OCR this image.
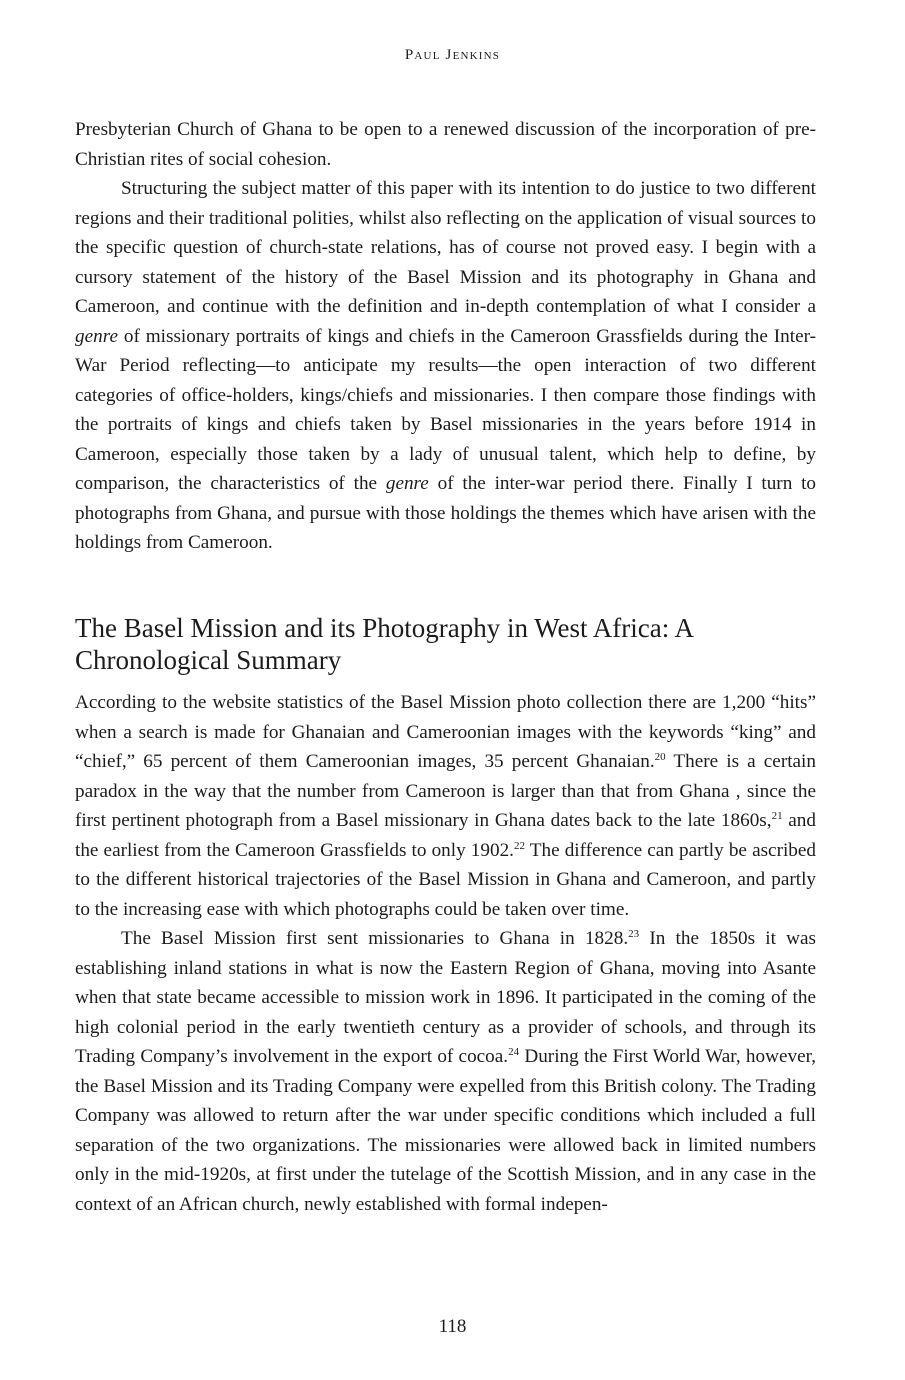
Paul Jenkins

Presbyterian Church of Ghana to be open to a renewed discussion of the incorporation of pre-Christian rites of social cohesion.

Structuring the subject matter of this paper with its intention to do justice to two different regions and their traditional polities, whilst also reflecting on the application of visual sources to the specific question of church-state relations, has of course not proved easy. I begin with a cursory statement of the history of the Basel Mission and its photography in Ghana and Cameroon, and continue with the definition and in-depth contemplation of what I consider a genre of missionary portraits of kings and chiefs in the Cameroon Grassfields during the Inter-War Period reflecting—to anticipate my results—the open interaction of two different categories of office-holders, kings/chiefs and missionaries. I then compare those findings with the portraits of kings and chiefs taken by Basel missionaries in the years before 1914 in Cameroon, especially those taken by a lady of unusual talent, which help to define, by comparison, the characteristics of the genre of the inter-war period there. Finally I turn to photographs from Ghana, and pursue with those holdings the themes which have arisen with the holdings from Cameroon.

The Basel Mission and its Photography in West Africa: A Chronological Summary

According to the website statistics of the Basel Mission photo collection there are 1,200 “hits” when a search is made for Ghanaian and Cameroonian images with the keywords “king” and “chief,” 65 percent of them Cameroonian images, 35 percent Ghanaian.$^{20}$ There is a certain paradox in the way that the number from Cameroon is larger than that from Ghana , since the first pertinent photograph from a Basel missionary in Ghana dates back to the late 1860s,$^{21}$ and the earliest from the Cameroon Grassfields to only 1902.22 The difference can partly be ascribed to the different historical trajectories of the Basel Mission in Ghana and Cameroon, and partly to the increasing ease with which photographs could be taken over time.

The Basel Mission first sent missionaries to Ghana in 1828.23 In the 1850s it was establishing inland stations in what is now the Eastern Region of Ghana, moving into Asante when that state became accessible to mission work in 1896. It participated in the coming of the high colonial period in the early twentieth century as a provider of schools, and through its Trading Company’s involvement in the export of cocoa.$^{24}$ During the First World War, however, the Basel Mission and its Trading Company were expelled from this British colony. The Trading Company was allowed to return after the war under specific conditions which included a full separation of the two organizations. The missionaries were allowed back in limited numbers only in the mid-1920s, at first under the tutelage of the Scottish Mission, and in any case in the context of an African church, newly established with formal indepen-

118
